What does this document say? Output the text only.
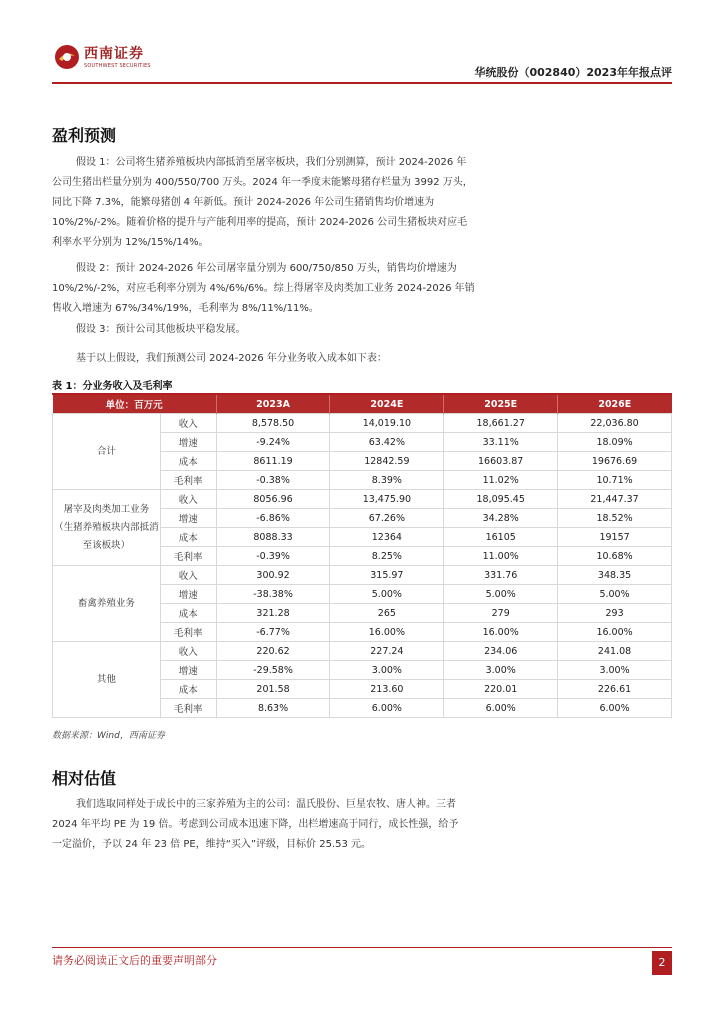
西南证券
SOUTHWEST SECURITIES	华统股份（002840）2023年年报点评
盈利预测
假设 1：公司将生猪养殖板块内部抵消至屠宰板块，我们分别测算，预计 2024-2026 年
公司生猪出栏量分别为 400/550/700 万头。2024 年一季度末能繁母猪存栏量为 3992 万头，
同比下降 7.3%，能繁母猪创 4 年新低。预计 2024-2026 年公司生猪销售均价增速为
10%/2%/-2%。随着价格的提升与产能利用率的提高，预计 2024-2026 公司生猪板块对应毛
利率水平分别为 12%/15%/14%。
假设 2：预计 2024-2026 年公司屠宰量分别为 600/750/850 万头，销售均价增速为
10%/2%/-2%，对应毛利率分别为 4%/6%/6%。综上得屠宰及肉类加工业务 2024-2026 年销
售收入增速为 67%/34%/19%，毛利率为 8%/11%/11%。
假设 3：预计公司其他板块平稳发展。
基于以上假设，我们预测公司 2024-2026 年分业务收入成本如下表：
表 1：分业务收入及毛利率
单位：百万元		2023A	2024E	2025E	2026E
合计	收入	8,578.50	14,019.10	18,661.27	22,036.80
	增速	-9.24%	63.42%	33.11%	18.09%
	成本	8611.19	12842.59	16603.87	19676.69
	毛利率	-0.38%	8.39%	11.02%	10.71%

屠宰及肉类加工业务
（生猪养殖板块内部抵消
至该板块）	收入	8056.96	13,475.90	18,095.45	21,447.37
	增速	-6.86%	67.26%	34.28%	18.52%
	成本	8088.33	12364	16105	19157
	毛利率	-0.39%	8.25%	11.00%	10.68%
畜禽养殖业务	收入	300.92	315.97	331.76	348.35
	增速	-38.38%	5.00%	5.00%	5.00%
	成本	321.28	265	279	293
	毛利率	-6.77%	16.00%	16.00%	16.00%
其他	收入	220.62	227.24	234.06	241.08
	增速	-29.58%	3.00%	3.00%	3.00%
	成本	201.58	213.60	220.01	226.61
	毛利率	8.63%	6.00%	6.00%	6.00%
数据来源：Wind，西南证券
相对估值
我们选取同样处于成长中的三家养殖为主的公司：温氏股份、巨星农牧、唐人神。三者
2024 年平均 PE 为 19 倍。考虑到公司成本迅速下降，出栏增速高于同行，成长性强，给予
一定溢价，予以 24 年 23 倍 PE，维持“买入”评级，目标价 25.53 元。
请务必阅读正文后的重要声明部分	2
